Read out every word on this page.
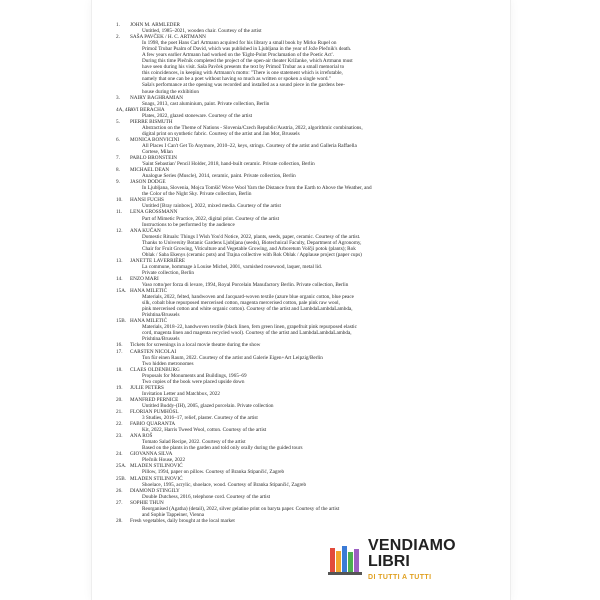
1. JOHN M. ARMLEDER
Untitled, 1985–2021, wooden chair. Courtesy of the artist
2. SAŠA PAVČEK / H. C. ARTMANN
In 1998, the poet Hans Carl Artmann acquired for his library a small book by Mirko Rupel on
Primož Trubar Psalm of David, which was published in Ljubljana in the year of Jože Plečnik's death.
A few years earlier Artmann had worked on the 'Eight-Point Proclamation of the Poetic Act'.
During this time Plečnik completed the project of the open-air theater Križanke, which Artmann must
have seen during his visit. Saša Pavček presents the text by Primož Trubar as a small memorial to
this coincidences, in keeping with Artmann's motto: "There is one statement which is irrefutable,
namely that one can be a poet without having so much as written or spoken a single word."
Saša's performance at the opening was recorded and installed as a sound piece in the gardens bee-
house during the exhibition
3. NAIRY BAGHRAMIAN
Snags, 2013, cast aluminium, paint. Private collection, Berlin
4A, 4B.
AVI BERACHA
Plates, 2022, glazed stoneware. Courtesy of the artist
5. PIERRE BISMUTH
Abstraction on the Theme of Nations - Slovenia/Czech Republic/Austria, 2022, algorithmic combinations,
digital print on synthetic fabric. Courtesy of the artist and Jan Mot, Brussels
6. MONICA BONVICINI
All Places I Can't Get To Anymore, 2010–22, keys, strings. Courtesy of the artist and Galleria Raffaella
Cortese, Milan
7. PABLO BRONSTEIN
'Saint Sebastian' Pencil Holder, 2018, hand-built ceramic. Private collection, Berlin
8. MICHAEL DEAN
Analogue Series (Muscle), 2014, ceramic, paint. Private collection, Berlin
9. JASON DODGE
In Ljubljana, Slovenia, Mojca Tomšič Wove Wool Yarn the Distance from the Earth to Above the Weather, and
the Color of the Night Sky. Private collection, Berlin
10. HANSI FUCHS
Untitled [Bray rainbow], 2022, mixed media. Courtesy of the artist
11. LENA GROSSMANN
Part of Mimetic Practice, 2022, digital print. Courtesy of the artist
Instructions to be performed by the audience
12. ANA KUČAN
Domestic Rituals: Things I Wish You'd Notice, 2022, plants, seeds, paper, ceramic. Courtesy of the artist.
Thanks to University Botanic Gardens Ljubljana (seeds), Biotechnical Faculty, Department of Agronomy,
Chair for Fruit Growing, Viticulture and Vegetable Growing, and Arboretum Volčji potok (plants); Rok
Oblak / Saba Ekenys (ceramic pots) and Trajna collective with Rok Oblak / Applause project (paper cups)
13. JANETTE LAVERRIÈRE
La commune, hommage à Louise Michel, 2001, varnished rosewood, laquer, metal lid.
Private collection, Berlin
14. ENZO MARI
Vaso rotto/per forza di levare, 1994, Royal Porcelain Manufactory Berlin. Private collection, Berlin
15A. HANA MILETIĆ
Materials, 2022, felted, handwoven and Jacquard-woven textile (azure blue organic cotton, blue peace
silk, cobalt blue repurposed mercerised cotton, magenta mercerised cotton, pale pink raw wool,
pink mercerised cotton and white organic cotton). Courtesy of the artist and LambdaLambdaLambda,
Prishtina/Brussels
15B. HANA MILETIĆ
Materials, 2018–22, handwoven textile (black linen, fern green linen, grapefruit pink repurposed elastic
cord, magenta linen and magenta recycled wool). Courtesy of the artist and LambdaLambdaLambda,
Prishtina/Brussels
16. Tickets for screenings in a local movie theatre during the show
17. CARSTEN NICOLAI
Ton für einen Raum, 2022. Courtesy of the artist and Galerie Eigen+Art Leipzig/Berlin
Two hidden metronomes
18. CLAES OLDENBURG
Proposals for Monuments and Buildings, 1965–69
Two copies of the book were placed upside down
19. JULIE PETERS
Invitation Letter and Matchbox, 2022
20. MANFRED PERNICE
Untitled Buddy-(IH), 2005, glazed porcelain. Private collection
21. FLORIAN PUMHÖSL
3 Studies, 2016–17, relief, plaster. Courtesy of the artist
22. FABIO QUARANTA
Kit, 2022, Harris Tweed Wool, cotton. Courtesy of the artist
23. ANA ROŠ
Tomato Salad Recipe, 2022. Courtesy of the artist
Based on the plants in the garden and told only orally during the guided tours
24. GIOVANNA SILVA
Plečnik House, 2022
25A. MLADEN STILINOVIĆ
Pillow, 1994, paper on pillow. Courtesy of Branka Stipančić, Zagreb
25B. MLADEN STILINOVIĆ
Shoelace, 1995, acrylic, shoelace, wood. Courtesy of Branka Stipančić, Zagreb
26. DIAMOND STINGILY
Double Dutchess, 2016, telephone cord. Courtesy of the artist
27. SOPHIE THUN
Reorganised (Agatha) (detail), 2022, silver gelatine print on baryta paper. Courtesy of the artist
and Sophie Tappeiner, Vienna
28. Fresh vegetables, daily brought at the local market
VENDIAMO
LIBRI
DI TUTTI A TUTTI
